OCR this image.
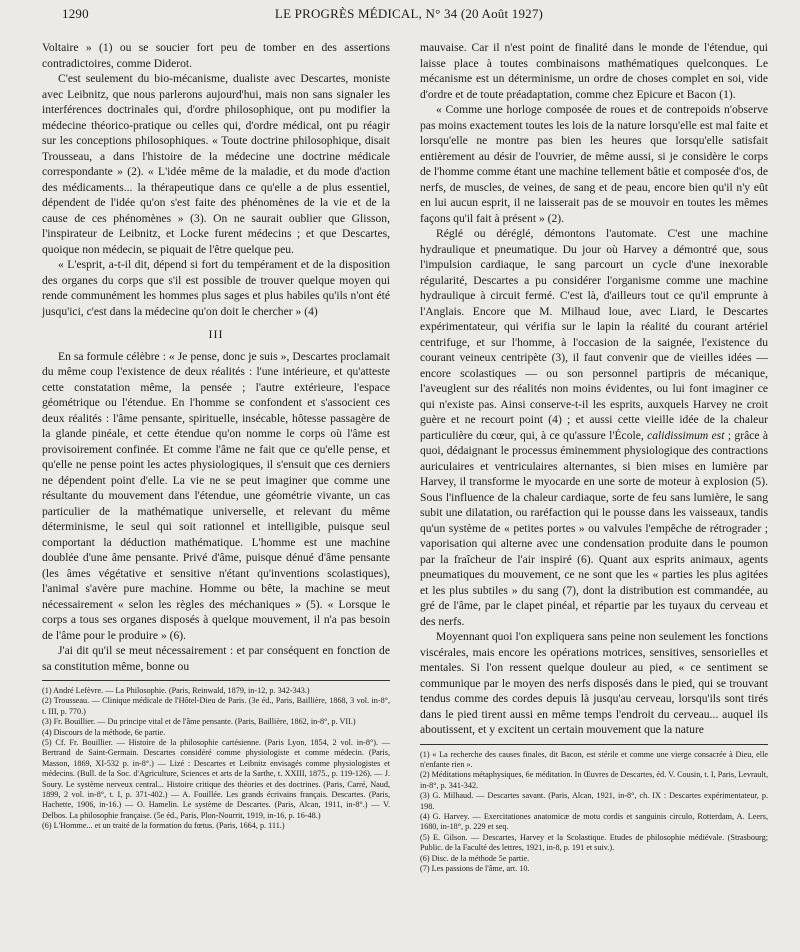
1290	LE PROGRÈS MÉDICAL, N° 34 (20 Août 1927)

Voltaire » (1) ou se soucier fort peu de tomber en des assertions contradictoires, comme Diderot.

C'est seulement du bio-mécanisme, dualiste avec Descartes, moniste avec Leibnitz, que nous parlerons aujourd'hui, mais non sans signaler les interférences doctrinales qui, d'ordre philosophique, ont pu modifier la médecine théorico-pratique ou celles qui, d'ordre médical, ont pu réagir sur les conceptions philosophiques. « Toute doctrine philosophique, disait Trousseau, a dans l'histoire de la médecine une doctrine médicale correspondante » (2). « L'idée même de la maladie, et du mode d'action des médicaments... la thérapeutique dans ce qu'elle a de plus essentiel, dépendent de l'idée qu'on s'est faite des phénomènes de la vie et de la cause de ces phénomènes » (3). On ne saurait oublier que Glisson, l'inspirateur de Leibnitz, et Locke furent médecins ; et que Descartes, quoique non médecin, se piquait de l'être quelque peu.

« L'esprit, a-t-il dit, dépend si fort du tempérament et de la disposition des organes du corps que s'il est possible de trouver quelque moyen qui rende communément les hommes plus sages et plus habiles qu'ils n'ont été jusqu'ici, c'est dans la médecine qu'on doit le chercher » (4)

III

En sa formule célèbre : « Je pense, donc je suis », Descartes proclamait du même coup l'existence de deux réalités : l'une intérieure, et qu'atteste cette constatation même, la pensée ; l'autre extérieure, l'espace géométrique ou l'étendue. En l'homme se confondent et s'associent ces deux réalités : l'âme pensante, spirituelle, insécable, hôtesse passagère de la glande pinéale, et cette étendue qu'on nomme le corps où l'âme est provisoirement confinée. Et comme l'âme ne fait que ce qu'elle pense, et qu'elle ne pense point les actes physiologiques, il s'ensuit que ces derniers ne dépendent point d'elle. La vie ne se peut imaginer que comme une résultante du mouvement dans l'étendue, une géométrie vivante, un cas particulier de la mathématique universelle, et relevant du même déterminisme, le seul qui soit rationnel et intelligible, puisque seul comportant la déduction mathématique. L'homme est une machine doublée d'une âme pensante. Privé d'âme, puisque dénué d'âme pensante (les âmes végétative et sensitive n'étant qu'inventions scolastiques), l'animal s'avère pure machine. Homme ou bête, la machine se meut nécessairement « selon les règles des méchaniques » (5). « Lorsque le corps a tous ses organes disposés à quelque mouvement, il n'a pas besoin de l'âme pour le produire » (6).

J'ai dit qu'il se meut nécessairement : et par conséquent en fonction de sa constitution même, bonne ou

(1) André Lefèvre. — La Philosophie. (Paris, Reinwald, 1879, in-12, p. 342-343.)
(2) Trousseau. — Clinique médicale de l'Hôtel-Dieu de Paris. (3e éd., Paris, Baillière, 1868, 3 vol. in-8°, t. III, p. 770.)
(3) Fr. Bouillier. — Du principe vital et de l'âme pensante. (Paris, Baillière, 1862, in-8°, p. VII.)
(4) Discours de la méthode, 6e partie.
(5) Cf. Fr. Bouillier. — Histoire de la philosophie cartésienne. (Paris Lyon, 1854, 2 vol. in-8°). — Bertrand de Saint-Germain. Descartes considéré comme physiologiste et comme médecin. (Paris, Masson, 1869, XI-532 p. in-8°.) — Lizé : Descartes et Leibnitz envisagés comme physiologistes et médecins. (Bull. de la Soc. d'Agriculture, Sciences et arts de la Sarthe, t. XXIII, 1875., p. 119-126). — J. Soury. Le système nerveux central... Histoire critique des théories et des doctrines. (Paris, Carré, Naud, 1899, 2 vol. in-8°, t. I, p. 371-402.) — A. Fouillée. Les grands écrivains français. Descartes. (Paris, Hachette, 1906, in-16.) — O. Hamelin. Le système de Descartes. (Paris, Alcan, 1911, in-8°.) — V. Delbos. La philosophie française. (5e éd., Paris, Plon-Nourrit, 1919, in-16, p. 16-48.)
(6) L'Homme... et un traité de la formation du fœtus. (Paris, 1664, p. 111.)

mauvaise. Car il n'est point de finalité dans le monde de l'étendue, qui laisse place à toutes combinaisons mathématiques quelconques. Le mécanisme est un déterminisme, un ordre de choses complet en soi, vide d'ordre et de toute préadaptation, comme chez Epicure et Bacon (1).

« Comme une horloge composée de roues et de contrepoids n'observe pas moins exactement toutes les lois de la nature lorsqu'elle est mal faite et lorsqu'elle ne montre pas bien les heures que lorsqu'elle satisfait entièrement au désir de l'ouvrier, de même aussi, si je considère le corps de l'homme comme étant une machine tellement bâtie et composée d'os, de nerfs, de muscles, de veines, de sang et de peau, encore bien qu'il n'y eût en lui aucun esprit, il ne laisserait pas de se mouvoir en toutes les mêmes façons qu'il fait à présent » (2).

Réglé ou déréglé, démontons l'automate. C'est une machine hydraulique et pneumatique. Du jour où Harvey a démontré que, sous l'impulsion cardiaque, le sang parcourt un cycle d'une inexorable régularité, Descartes a pu considérer l'organisme comme une machine hydraulique à circuit fermé. C'est là, d'ailleurs tout ce qu'il emprunte à l'Anglais. Encore que M. Milhaud loue, avec Liard, le Descartes expérimentateur, qui vérifia sur le lapin la réalité du courant artériel centrifuge, et sur l'homme, à l'occasion de la saignée, l'existence du courant veineux centripète (3), il faut convenir que de vieilles idées — encore scolastiques — ou son personnel partipris de mécanique, l'aveuglent sur des réalités non moins évidentes, ou lui font imaginer ce qui n'existe pas. Ainsi conserve-t-il les esprits, auxquels Harvey ne croit guère et ne recourt point (4) ; et aussi cette vieille idée de la chaleur particulière du cœur, qui, à ce qu'assure l'École, calidissimum est ; grâce à quoi, dédaignant le processus éminemment physiologique des contractions auriculaires et ventriculaires alternantes, si bien mises en lumière par Harvey, il transforme le myocarde en une sorte de moteur à explosion (5). Sous l'influence de la chaleur cardiaque, sorte de feu sans lumière, le sang subit une dilatation, ou raréfaction qui le pousse dans les vaisseaux, tandis qu'un système de « petites portes » ou valvules l'empêche de rétrograder ; vaporisation qui alterne avec une condensation produite dans le poumon par la fraîcheur de l'air inspiré (6). Quant aux esprits animaux, agents pneumatiques du mouvement, ce ne sont que les « parties les plus agitées et les plus subtiles » du sang (7), dont la distribution est commandée, au gré de l'âme, par le clapet pinéal, et répartie par les tuyaux du cerveau et des nerfs.

Moyennant quoi l'on expliquera sans peine non seulement les fonctions viscérales, mais encore les opérations motrices, sensitives, sensorielles et mentales. Si l'on ressent quelque douleur au pied, « ce sentiment se communique par le moyen des nerfs disposés dans le pied, qui se trouvant tendus comme des cordes depuis là jusqu'au cerveau, lorsqu'ils sont tirés dans le pied tirent aussi en même temps l'endroit du cerveau... auquel ils aboutissent, et y excitent un certain mouvement que la nature

(1) « La recherche des causes finales, dit Bacon, est stérile et comme une vierge consacrée à Dieu, elle n'enfante rien ».
(2) Méditations métaphysiques, 6e méditation. In Œuvres de Descartes, éd. V. Cousin, t. I, Paris, Levrault, in-8°, p. 341-342.
(3) G. Milhaud. — Descartes savant. (Paris, Alcan, 1921, in-8°, ch. IX : Descartes expérimentateur, p. 198.
(4) G. Harvey. — Exercitationes anatomicæ de motu cordis et sanguinis circulo, Rotterdam, A. Leers, 1680, in-18°, p. 229 et seq.
(5) E. Gilson. — Descartes, Harvey et la Scolastique. Etudes de philosophie médiévale. (Strasbourg; Public. de la Faculté des lettres, 1921, in-8, p. 191 et suiv.).
(6) Disc. de la méthode 5e partie.
(7) Les passions de l'âme, art. 10.
